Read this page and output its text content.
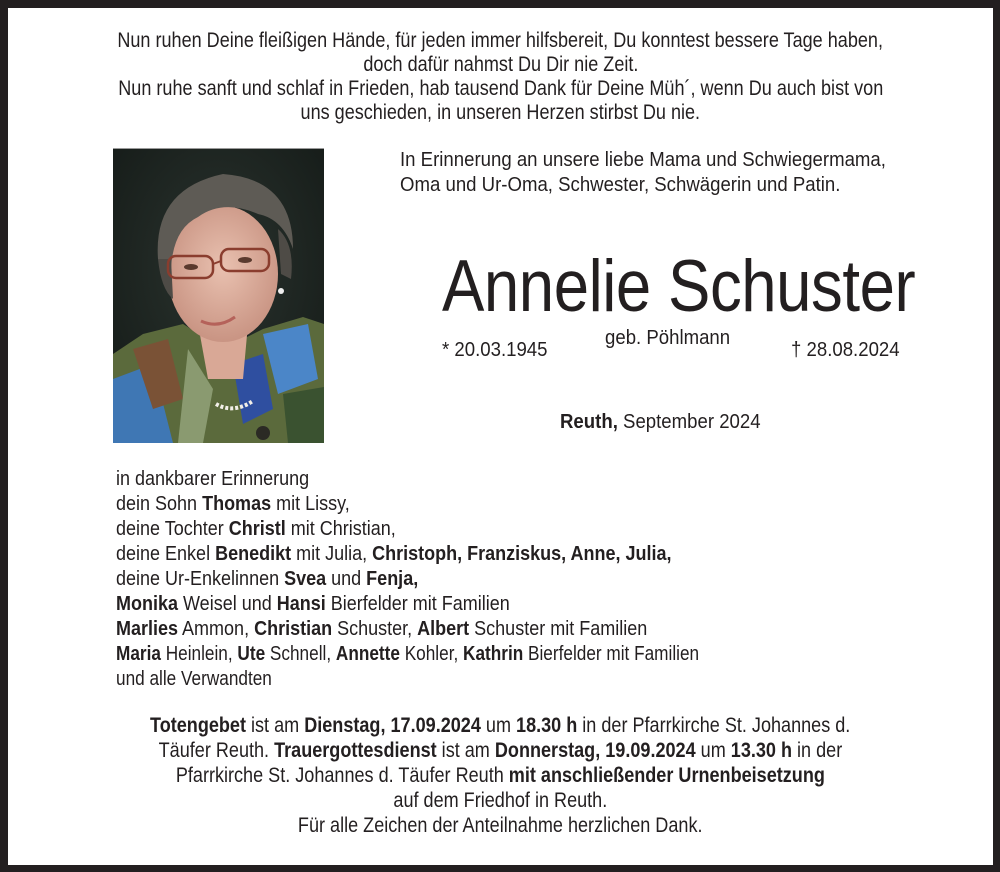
Nun ruhen Deine fleißigen Hände, für jeden immer hilfsbereit, Du konntest bessere Tage haben,
doch dafür nahmst Du Dir nie Zeit.
Nun ruhe sanft und schlaf in Frieden, hab tausend Dank für Deine Müh´, wenn Du auch bist von
uns geschieden, in unseren Herzen stirbst Du nie.
In Erinnerung an unsere liebe Mama und Schwiegermama,
Oma und Ur-Oma, Schwester, Schwägerin und Patin.
Annelie Schuster
* 20.03.1945
geb. Pöhlmann
† 28.08.2024
Reuth, September 2024
in dankbarer Erinnerung
dein Sohn Thomas mit Lissy,
deine Tochter Christl mit Christian,
deine Enkel Benedikt mit Julia, Christoph, Franziskus, Anne, Julia,
deine Ur-Enkelinnen Svea und Fenja,
Monika Weisel und Hansi Bierfelder mit Familien
Marlies Ammon, Christian Schuster, Albert Schuster mit Familien
Maria Heinlein, Ute Schnell, Annette Kohler, Kathrin Bierfelder mit Familien
und alle Verwandten
Totengebet ist am Dienstag, 17.09.2024 um 18.30 h in der Pfarrkirche St. Johannes d.
Täufer Reuth. Trauergottesdienst ist am Donnerstag, 19.09.2024 um 13.30 h in der
Pfarrkirche St. Johannes d. Täufer Reuth mit anschließender Urnenbeisetzung
auf dem Friedhof in Reuth.
Für alle Zeichen der Anteilnahme herzlichen Dank.
